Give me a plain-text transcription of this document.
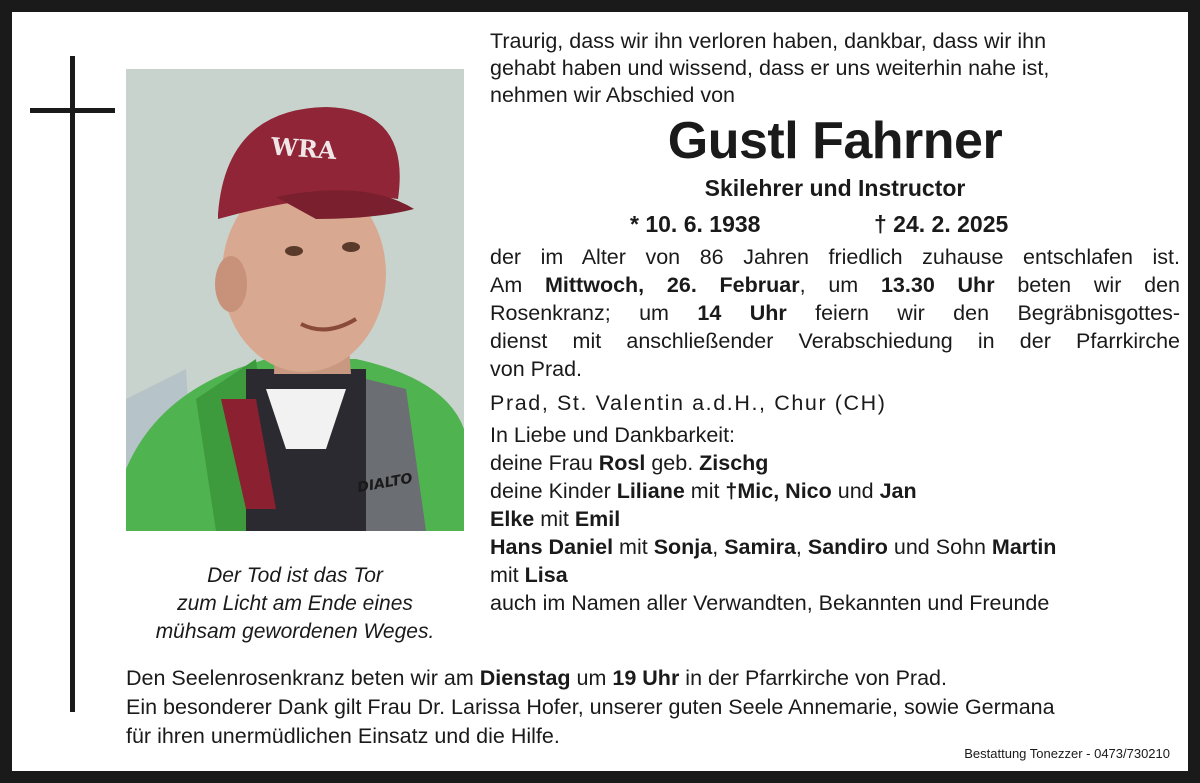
DIALTO
WRA
Der Tod ist das Tor
zum Licht am Ende eines
mühsam gewordenen Weges.
Traurig, dass wir ihn verloren haben, dankbar, dass wir ihn
gehabt haben und wissend, dass er uns weiterhin nahe ist,
nehmen wir Abschied von
Gustl Fahrner
Skilehrer und Instructor
* 10. 6. 1938	† 24. 2. 2025
der im Alter von 86 Jahren friedlich zuhause entschlafen ist.
Am Mittwoch, 26. Februar, um 13.30 Uhr beten wir den
Rosenkranz; um 14 Uhr feiern wir den Begräbnisgottes-
dienst mit anschließender Verabschiedung in der Pfarrkirche
von Prad.
Prad, St. Valentin a.d.H., Chur (CH)
In Liebe und Dankbarkeit:
deine Frau Rosl geb. Zischg
deine Kinder Liliane mit †Mic, Nico und Jan
Elke mit Emil
Hans Daniel mit Sonja, Samira, Sandiro und Sohn Martin
mit Lisa
auch im Namen aller Verwandten, Bekannten und Freunde
Den Seelenrosenkranz beten wir am Dienstag um 19 Uhr in der Pfarrkirche von Prad.
Ein besonderer Dank gilt Frau Dr. Larissa Hofer, unserer guten Seele Annemarie, sowie Germana
für ihren unermüdlichen Einsatz und die Hilfe.
Bestattung Tonezzer - 0473/730210
